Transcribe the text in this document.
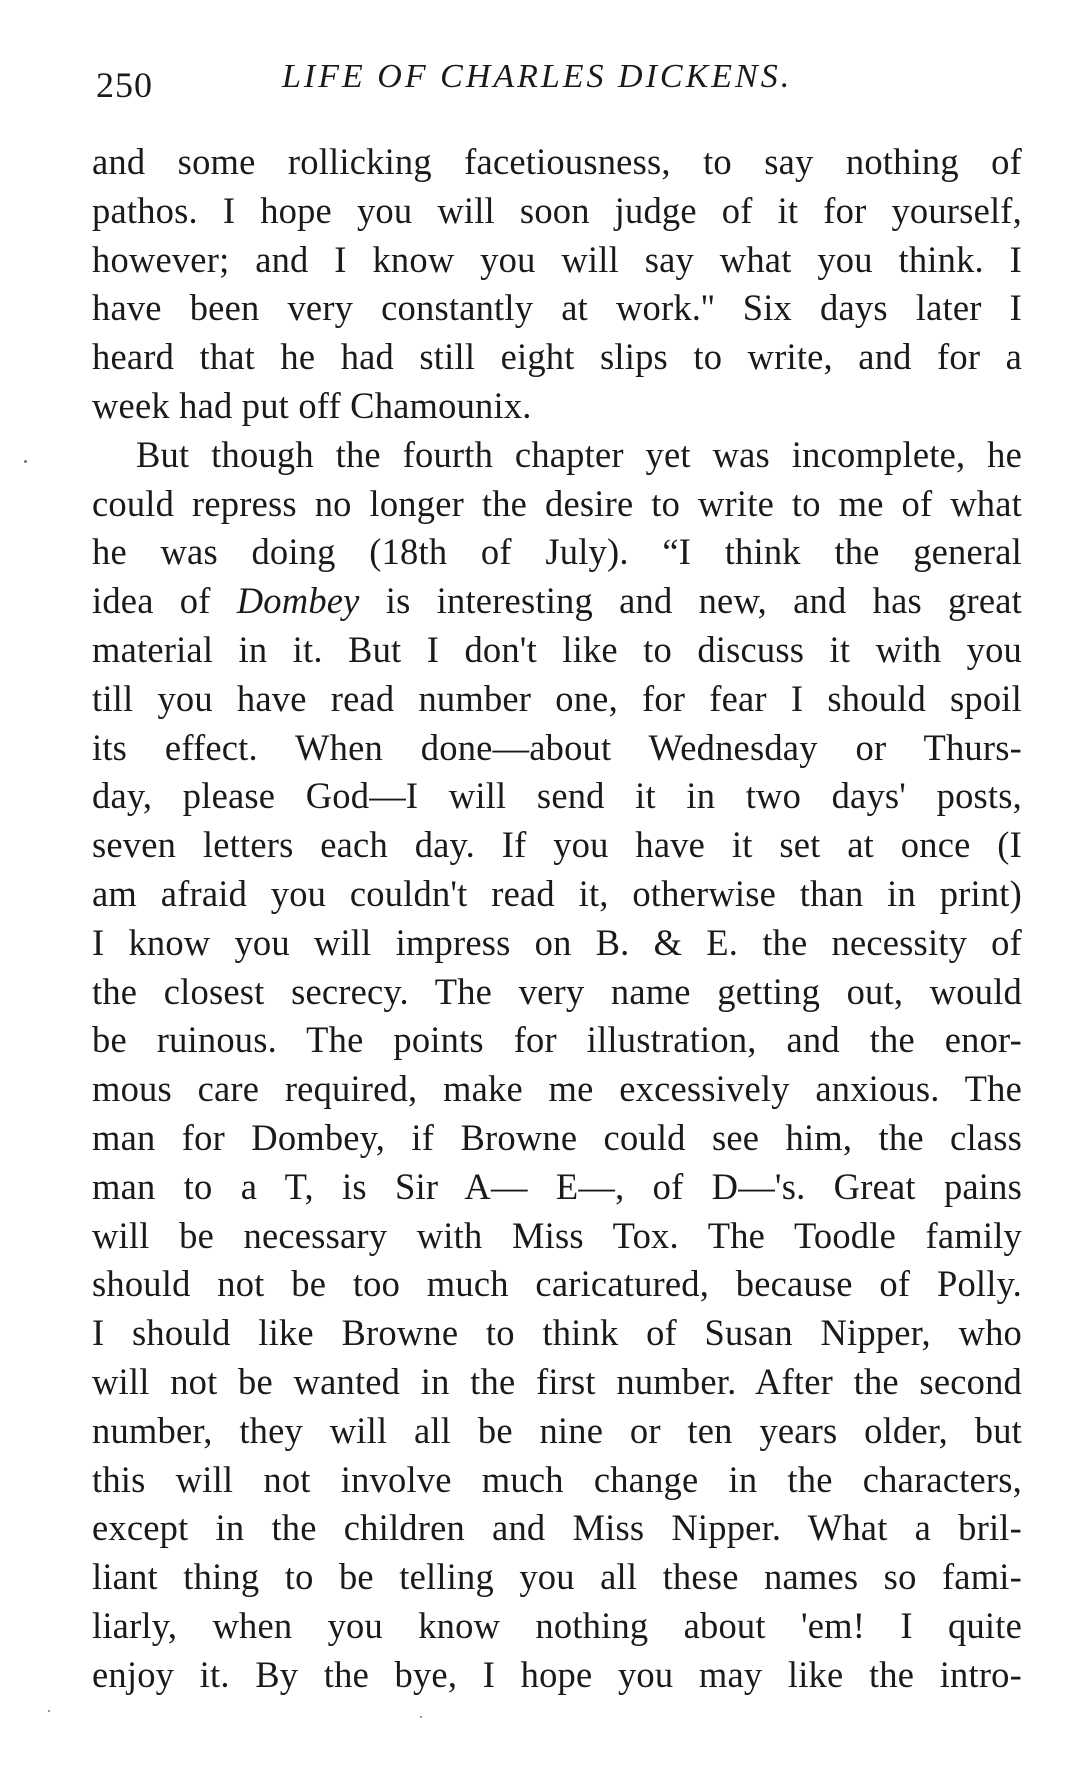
250	LIFE OF CHARLES DICKENS.
and some rollicking facetiousness, to say nothing of
pathos. I hope you will soon judge of it for yourself,
however; and I know you will say what you think. I
have been very constantly at work.'' Six days later I
heard that he had still eight slips to write, and for a
week had put off Chamounix.
But though the fourth chapter yet was incomplete, he
could repress no longer the desire to write to me of what
he was doing (18th of July). “I think the general
idea of Dombey is interesting and new, and has great
material in it. But I don't like to discuss it with you
till you have read number one, for fear I should spoil
its effect. When done—about Wednesday or Thurs-
day, please God—I will send it in two days' posts,
seven letters each day. If you have it set at once (I
am afraid you couldn't read it, otherwise than in print)
I know you will impress on B. & E. the necessity of
the closest secrecy. The very name getting out, would
be ruinous. The points for illustration, and the enor-
mous care required, make me excessively anxious. The
man for Dombey, if Browne could see him, the class
man to a T, is Sir A— E—, of D—'s. Great pains
will be necessary with Miss Tox. The Toodle family
should not be too much caricatured, because of Polly.
I should like Browne to think of Susan Nipper, who
will not be wanted in the first number. After the second
number, they will all be nine or ten years older, but
this will not involve much change in the characters,
except in the children and Miss Nipper. What a bril-
liant thing to be telling you all these names so fami-
liarly, when you know nothing about 'em! I quite
enjoy it. By the bye, I hope you may like the intro-
